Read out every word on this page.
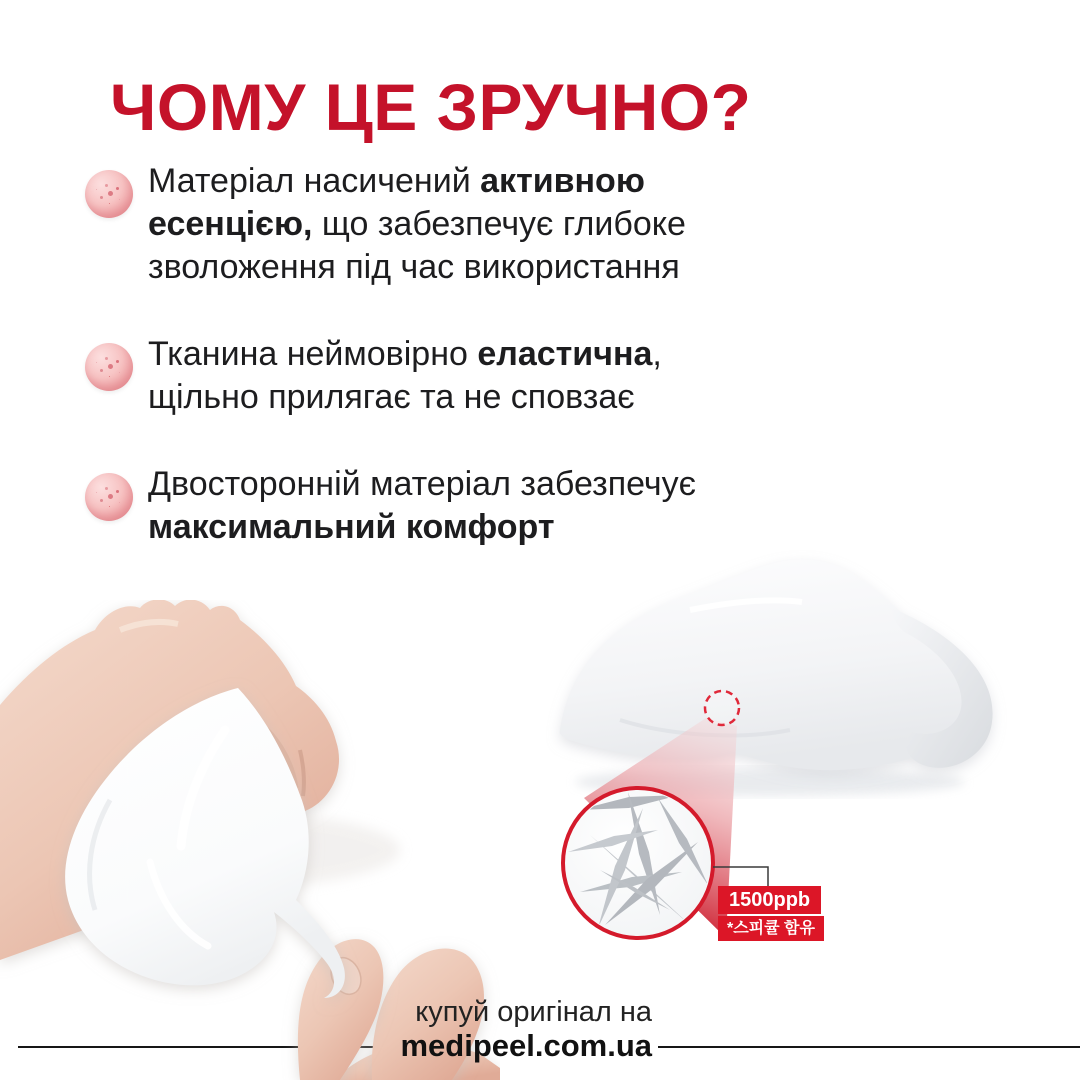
ЧОМУ ЦЕ ЗРУЧНО?
Матеріал насичений активною
есенцією, що забезпечує глибоке
зволоження під час використання
Тканина неймовірно еластична,
щільно прилягає та не сповзає
Двосторонній матеріал забезпечує
максимальний комфорт
1500ppb
*스피큘 함유
купуй оригінал на
medipeel.com.ua
